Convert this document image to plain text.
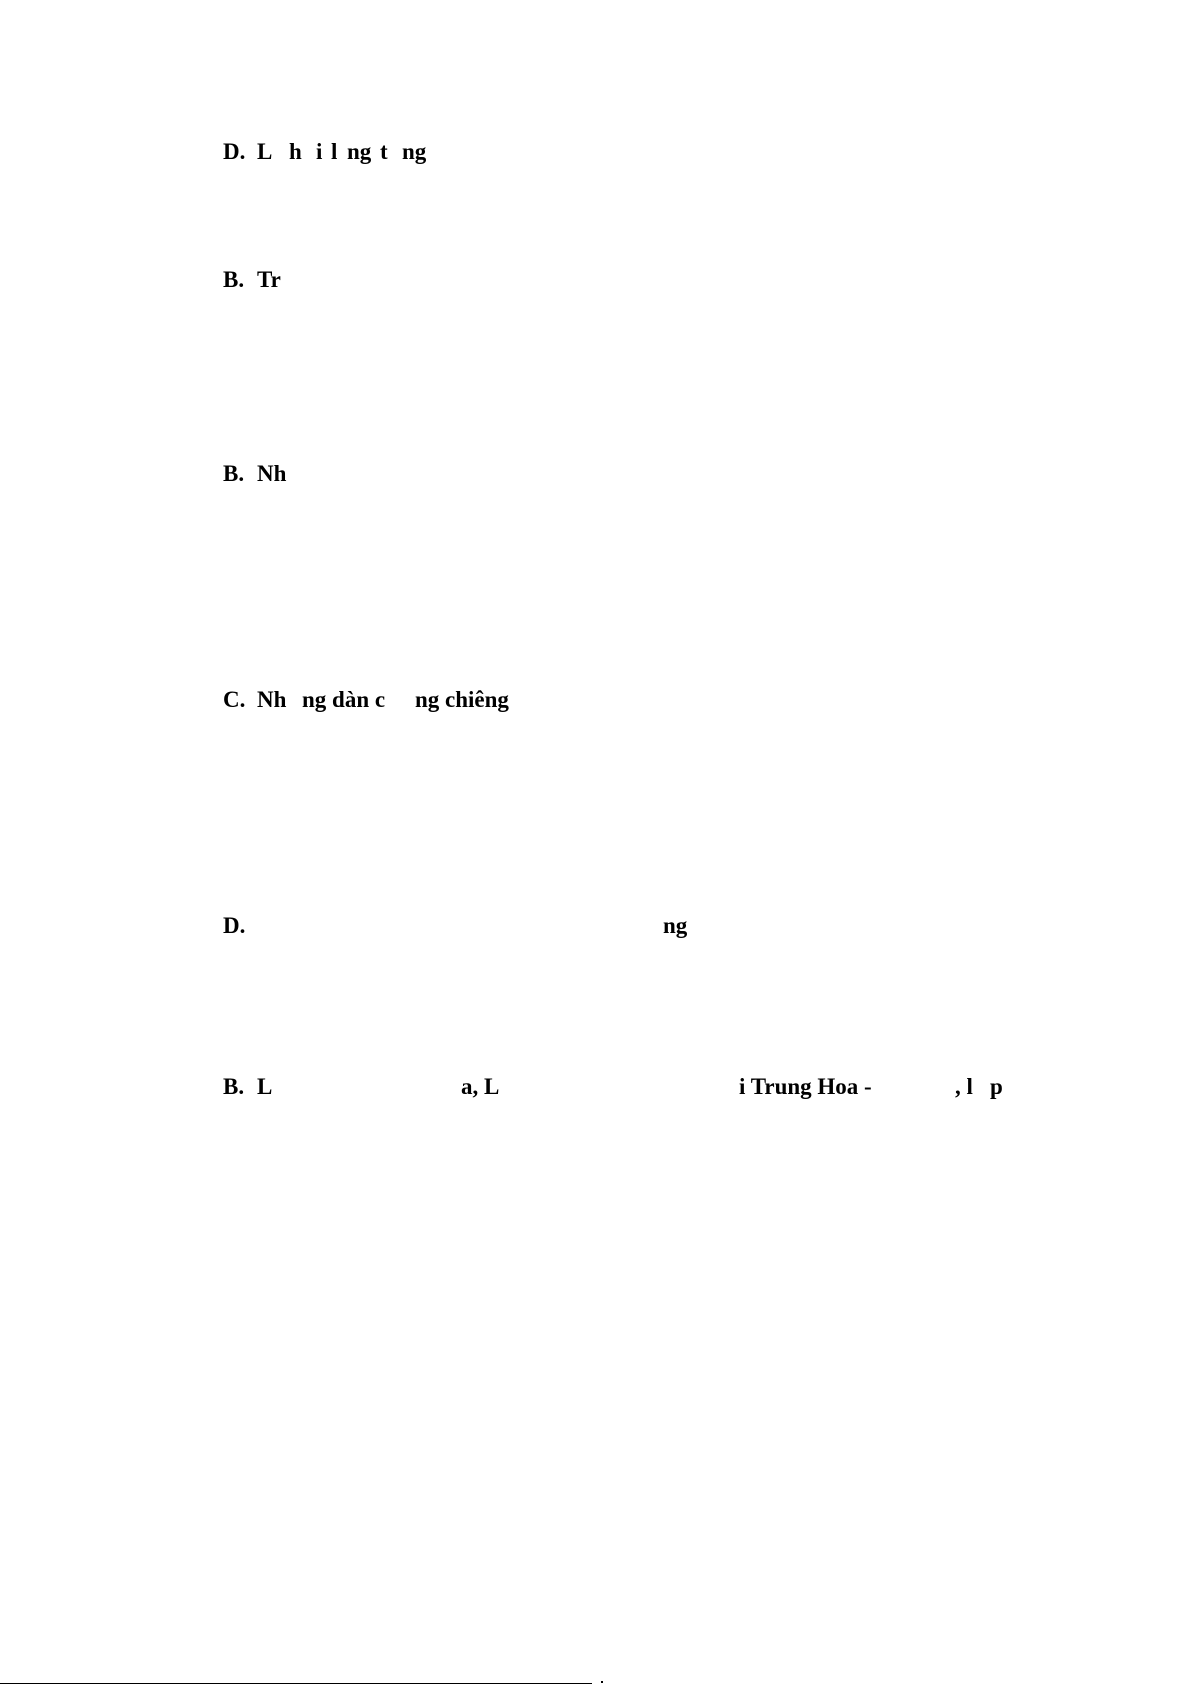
D. L h i l ng t ng
B. Tr
B. Nh
C. Nh ng dàn c ng chiêng
D.	ng
B. L	a, L	i Trung Hoa -	, l p
